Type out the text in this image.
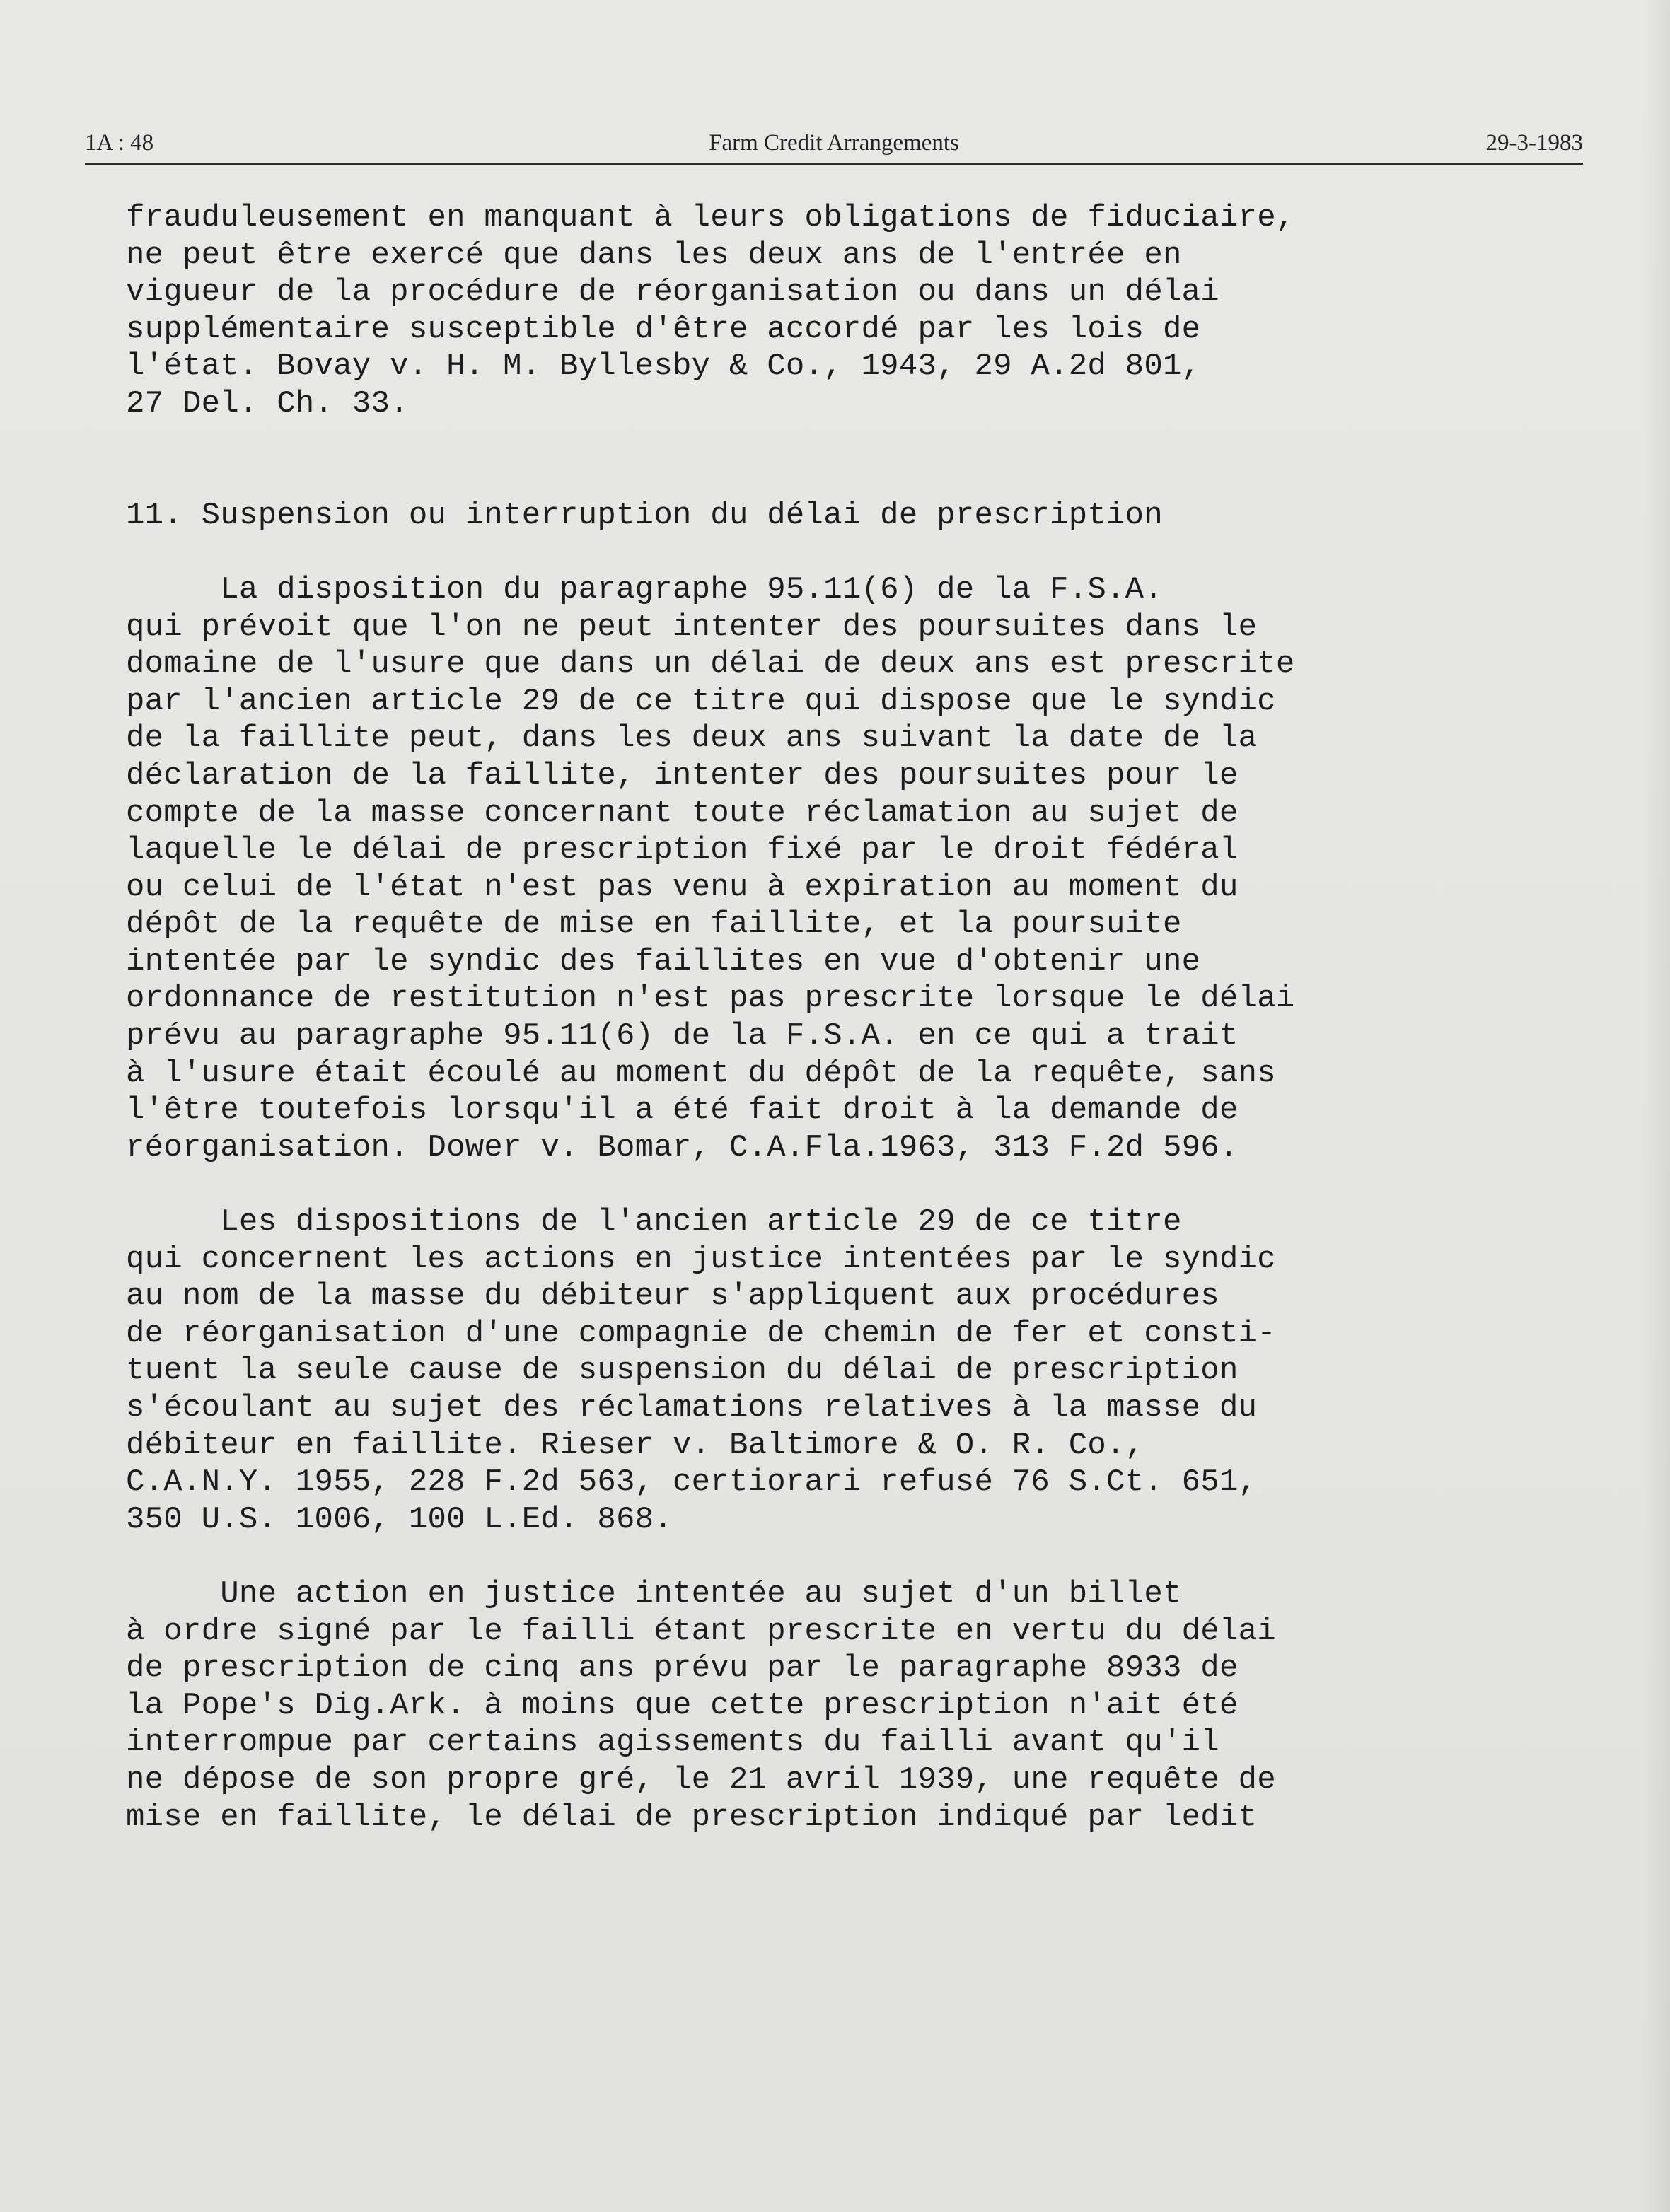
1A : 48	Farm Credit Arrangements	29-3-1983
frauduleusement en manquant à leurs obligations de fiduciaire,
ne peut être exercé que dans les deux ans de l'entrée en
vigueur de la procédure de réorganisation ou dans un délai
supplémentaire susceptible d'être accordé par les lois de
l'état. Bovay v. H. M. Byllesby & Co., 1943, 29 A.2d 801,
27 Del. Ch. 33.
11. Suspension ou interruption du délai de prescription
La disposition du paragraphe 95.11(6) de la F.S.A.
qui prévoit que l'on ne peut intenter des poursuites dans le
domaine de l'usure que dans un délai de deux ans est prescrite
par l'ancien article 29 de ce titre qui dispose que le syndic
de la faillite peut, dans les deux ans suivant la date de la
déclaration de la faillite, intenter des poursuites pour le
compte de la masse concernant toute réclamation au sujet de
laquelle le délai de prescription fixé par le droit fédéral
ou celui de l'état n'est pas venu à expiration au moment du
dépôt de la requête de mise en faillite, et la poursuite
intentée par le syndic des faillites en vue d'obtenir une
ordonnance de restitution n'est pas prescrite lorsque le délai
prévu au paragraphe 95.11(6) de la F.S.A. en ce qui a trait
à l'usure était écoulé au moment du dépôt de la requête, sans
l'être toutefois lorsqu'il a été fait droit à la demande de
réorganisation. Dower v. Bomar, C.A.Fla.1963, 313 F.2d 596.
Les dispositions de l'ancien article 29 de ce titre
qui concernent les actions en justice intentées par le syndic
au nom de la masse du débiteur s'appliquent aux procédures
de réorganisation d'une compagnie de chemin de fer et consti-
tuent la seule cause de suspension du délai de prescription
s'écoulant au sujet des réclamations relatives à la masse du
débiteur en faillite. Rieser v. Baltimore & O. R. Co.,
C.A.N.Y. 1955, 228 F.2d 563, certiorari refusé 76 S.Ct. 651,
350 U.S. 1006, 100 L.Ed. 868.
Une action en justice intentée au sujet d'un billet
à ordre signé par le failli étant prescrite en vertu du délai
de prescription de cinq ans prévu par le paragraphe 8933 de
la Pope's Dig.Ark. à moins que cette prescription n'ait été
interrompue par certains agissements du failli avant qu'il
ne dépose de son propre gré, le 21 avril 1939, une requête de
mise en faillite, le délai de prescription indiqué par ledit
